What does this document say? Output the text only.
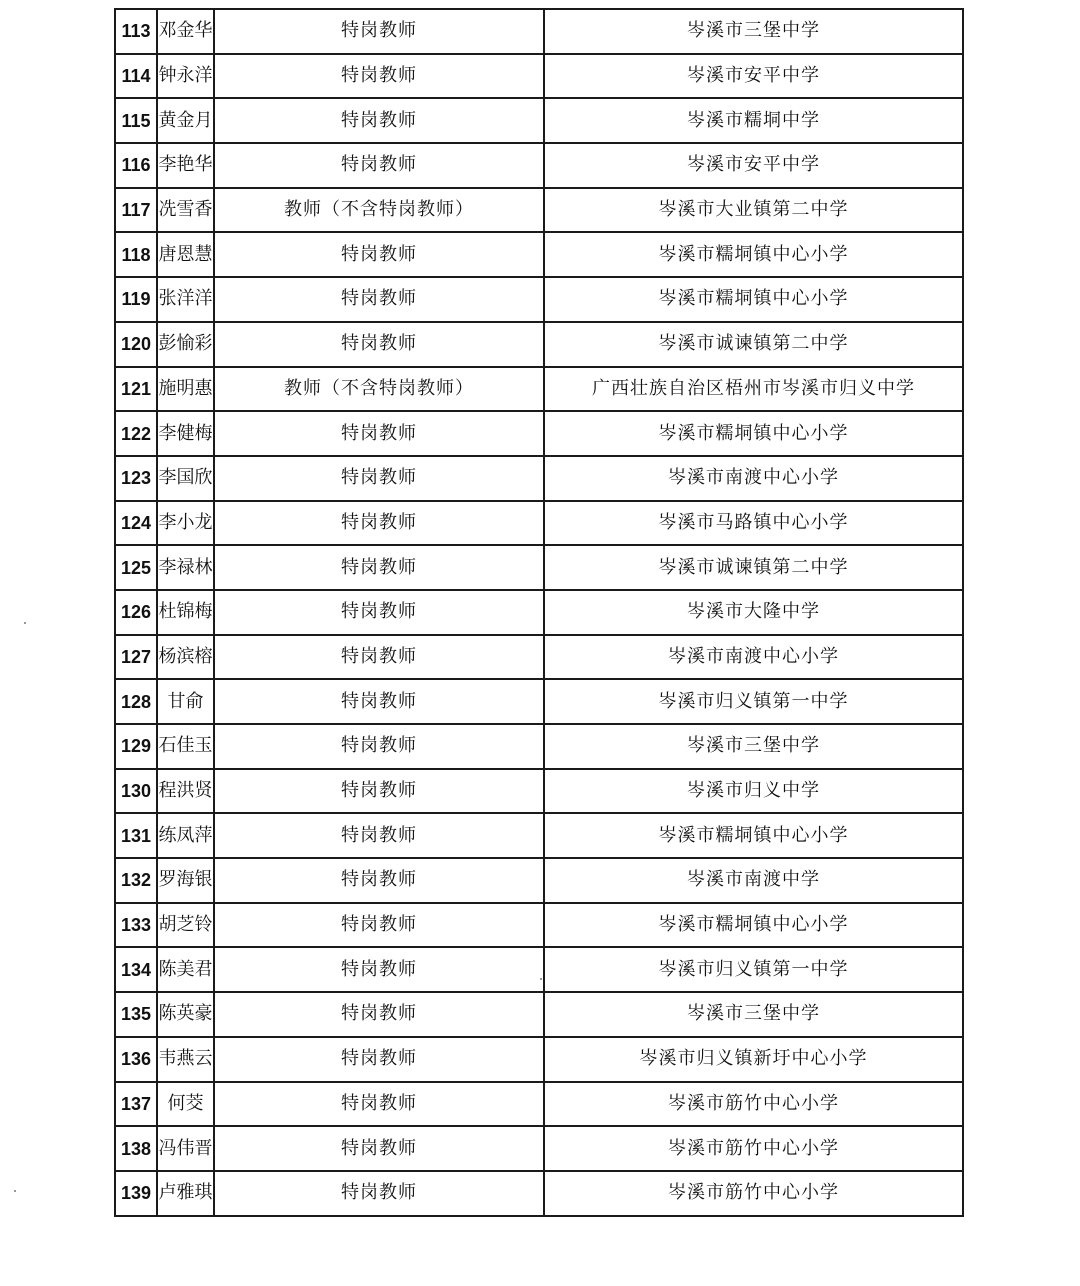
113	邓金华	特岗教师	岑溪市三堡中学
114	钟永洋	特岗教师	岑溪市安平中学
115	黄金月	特岗教师	岑溪市糯垌中学
116	李艳华	特岗教师	岑溪市安平中学
117	冼雪香	教师（不含特岗教师）	岑溪市大业镇第二中学
118	唐恩慧	特岗教师	岑溪市糯垌镇中心小学
119	张洋洋	特岗教师	岑溪市糯垌镇中心小学
120	彭愉彩	特岗教师	岑溪市诚谏镇第二中学
121	施明惠	教师（不含特岗教师）	广西壮族自治区梧州市岑溪市归义中学
122	李健梅	特岗教师	岑溪市糯垌镇中心小学
123	李国欣	特岗教师	岑溪市南渡中心小学
124	李小龙	特岗教师	岑溪市马路镇中心小学
125	李禄林	特岗教师	岑溪市诚谏镇第二中学
126	杜锦梅	特岗教师	岑溪市大隆中学
127	杨滨榕	特岗教师	岑溪市南渡中心小学
128	甘俞	特岗教师	岑溪市归义镇第一中学
129	石佳玉	特岗教师	岑溪市三堡中学
130	程洪贤	特岗教师	岑溪市归义中学
131	练凤萍	特岗教师	岑溪市糯垌镇中心小学
132	罗海银	特岗教师	岑溪市南渡中学
133	胡芝铃	特岗教师	岑溪市糯垌镇中心小学
134	陈美君	特岗教师	岑溪市归义镇第一中学
135	陈英豪	特岗教师	岑溪市三堡中学
136	韦燕云	特岗教师	岑溪市归义镇新圩中心小学
137	何茭	特岗教师	岑溪市筋竹中心小学
138	冯伟晋	特岗教师	岑溪市筋竹中心小学
139	卢雅琪	特岗教师	岑溪市筋竹中心小学
